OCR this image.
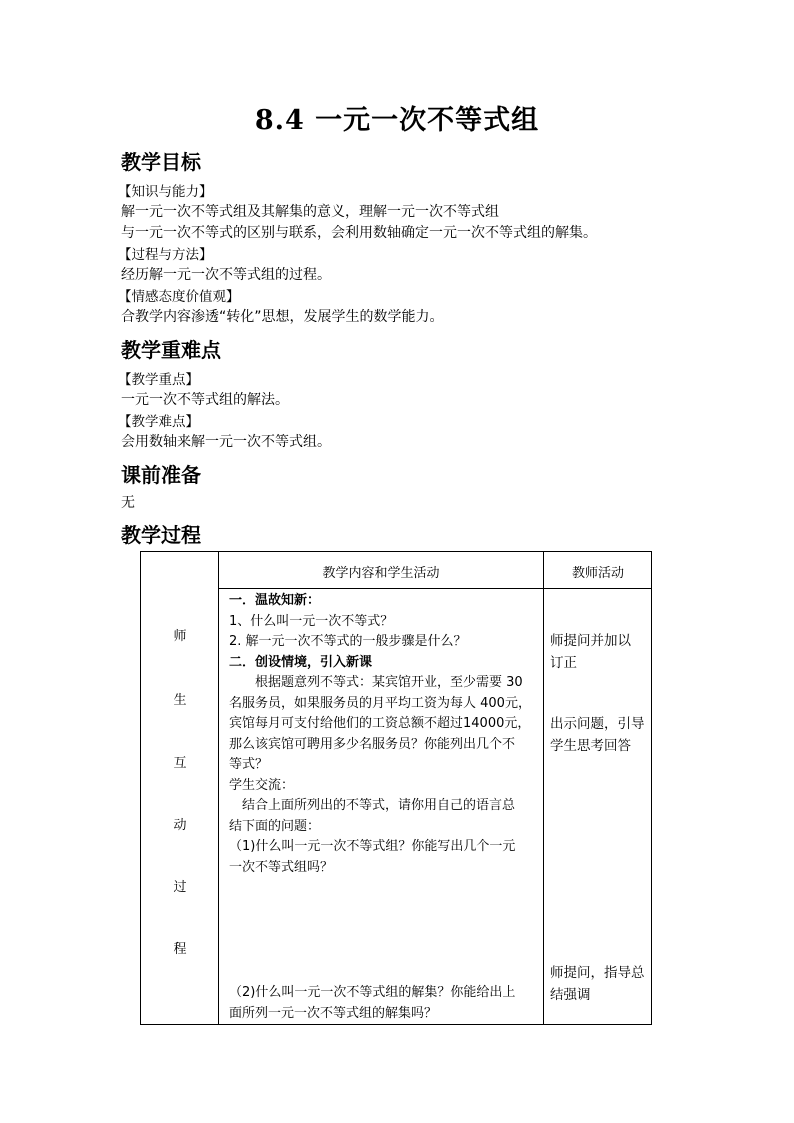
8.4 一元一次不等式组
教学目标
【知识与能力】
解一元一次不等式组及其解集的意义，理解一元一次不等式组
与一元一次不等式的区别与联系，会利用数轴确定一元一次不等式组的解集。
【过程与方法】
经历解一元一次不等式组的过程。
【情感态度价值观】
合教学内容渗透“转化”思想，发展学生的数学能力。
教学重难点
【教学重点】
一元一次不等式组的解法。
【教学难点】
会用数轴来解一元一次不等式组。
课前准备
无
教学过程
教学内容和学生活动	教师活动
师
生
互
动
过
程
一．温故知新：
1、什么叫一元一次不等式？
2. 解一元一次不等式的一般步骤是什么？
二．创设情境，引入新课
　　根据题意列不等式：某宾馆开业，至少需要 30
名服务员，如果服务员的月平均工资为每人 400元，
宾馆每月可支付给他们的工资总额不超过14000元，
那么该宾馆可聘用多少名服务员？你能列出几个不
等式？
学生交流：
　结合上面所列出的不等式，请你用自己的语言总
结下面的问题：
（1)什么叫一元一次不等式组？你能写出几个一元
一次不等式组吗？
（2)什么叫一元一次不等式组的解集？你能给出上
面所列一元一次不等式组的解集吗？
师提问并加以
订正
出示问题，引导
学生思考回答
师提问，指导总
结强调
